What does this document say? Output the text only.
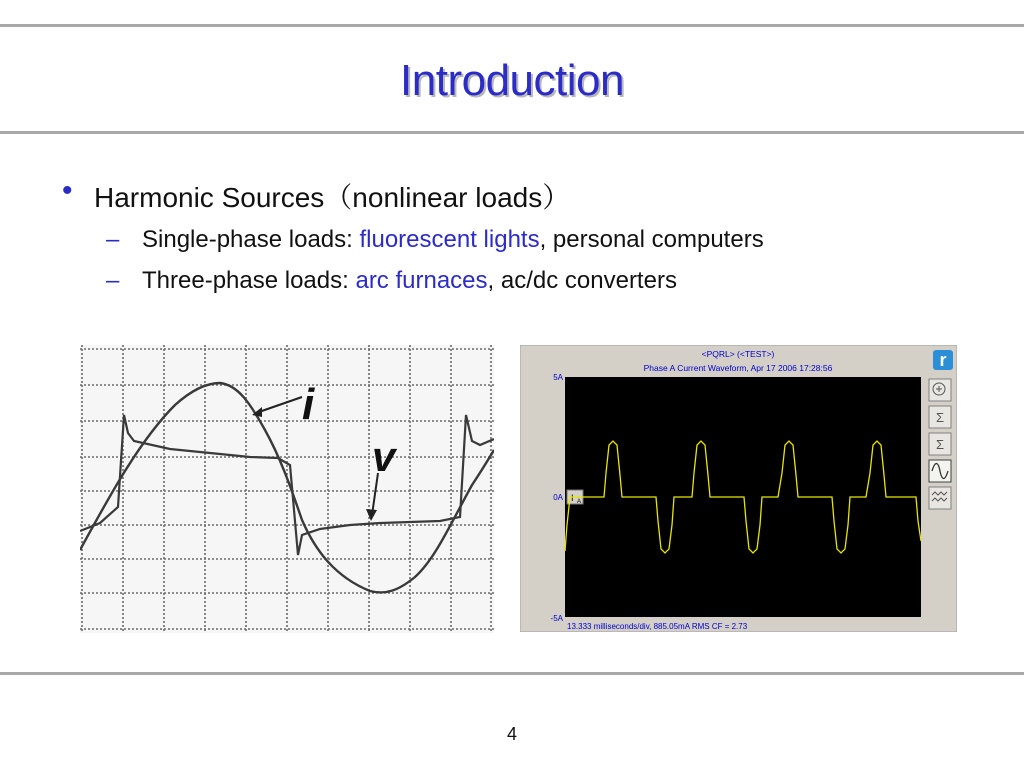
Introduction
• Harmonic Sources（nonlinear loads）
– Single-phase loads: fluorescent lights, personal computers
– Three-phase loads: arc furnaces, ac/dc converters
i
v
<PQRL> (<TEST>)
Phase A Current Waveform, Apr 17 2006 17:28:56	r
5A
0A
-5A
I A
Σ
Σ
13.333 milliseconds/div, 885.05mA RMS CF = 2.73
4
